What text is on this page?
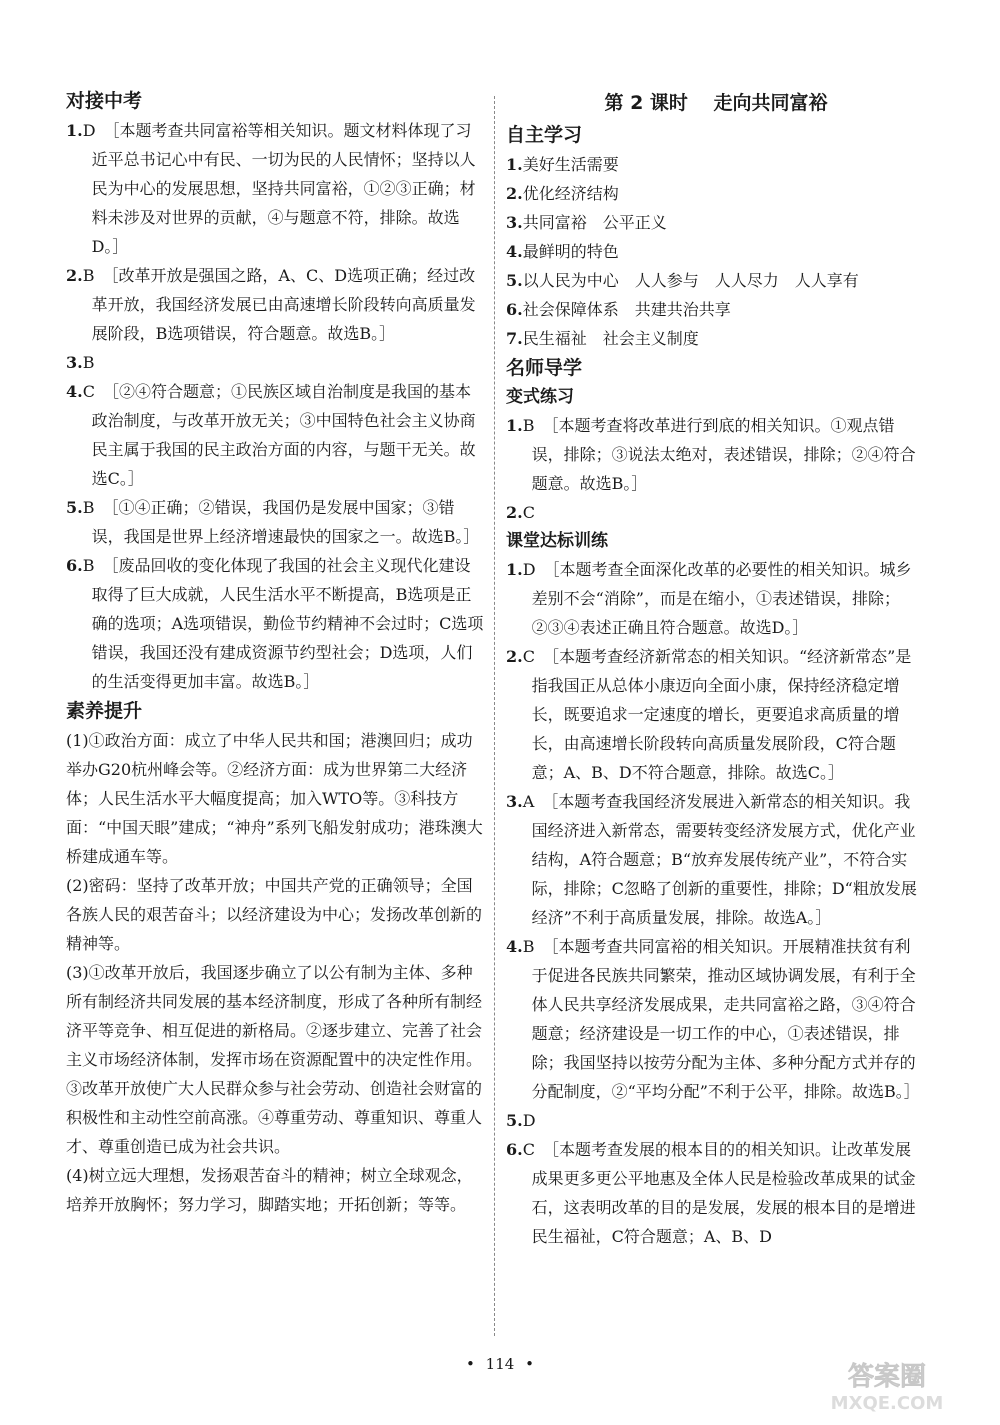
对接中考
1.D　［本题考查共同富裕等相关知识。题文材料体现了习近平总书记心中有民、一切为民的人民情怀；坚持以人民为中心的发展思想，坚持共同富裕，①②③正确；材料未涉及对世界的贡献，④与题意不符，排除。故选D。］
2.B　［改革开放是强国之路，A、C、D选项正确；经过改革开放，我国经济发展已由高速增长阶段转向高质量发展阶段，B选项错误，符合题意。故选B。］
3.B
4.C　［②④符合题意；①民族区域自治制度是我国的基本政治制度，与改革开放无关；③中国特色社会主义协商民主属于我国的民主政治方面的内容，与题干无关。故选C。］
5.B　［①④正确；②错误，我国仍是发展中国家；③错误，我国是世界上经济增速最快的国家之一。故选B。］
6.B　［废品回收的变化体现了我国的社会主义现代化建设取得了巨大成就，人民生活水平不断提高，B选项是正确的选项；A选项错误，勤俭节约精神不会过时；C选项错误，我国还没有建成资源节约型社会；D选项，人们的生活变得更加丰富。故选B。］
素养提升
(1)①政治方面：成立了中华人民共和国；港澳回归；成功举办G20杭州峰会等。②经济方面：成为世界第二大经济体；人民生活水平大幅度提高；加入WTO等。③科技方面：“中国天眼”建成；“神舟”系列飞船发射成功；港珠澳大桥建成通车等。
(2)密码：坚持了改革开放；中国共产党的正确领导；全国各族人民的艰苦奋斗；以经济建设为中心；发扬改革创新的精神等。
(3)①改革开放后，我国逐步确立了以公有制为主体、多种所有制经济共同发展的基本经济制度，形成了各种所有制经济平等竞争、相互促进的新格局。②逐步建立、完善了社会主义市场经济体制，发挥市场在资源配置中的决定性作用。③改革开放使广大人民群众参与社会劳动、创造社会财富的积极性和主动性空前高涨。④尊重劳动、尊重知识、尊重人才、尊重创造已成为社会共识。
(4)树立远大理想，发扬艰苦奋斗的精神；树立全球观念，培养开放胸怀；努力学习，脚踏实地；开拓创新；等等。
第 2 课时　 走向共同富裕
自主学习
1.美好生活需要
2.优化经济结构
3.共同富裕　公平正义
4.最鲜明的特色
5.以人民为中心　人人参与　人人尽力　人人享有
6.社会保障体系　共建共治共享
7.民生福祉　社会主义制度
名师导学
变式练习
1.B　［本题考查将改革进行到底的相关知识。①观点错误，排除；③说法太绝对，表述错误，排除；②④符合题意。故选B。］
2.C
课堂达标训练
1.D　［本题考查全面深化改革的必要性的相关知识。城乡差别不会“消除”，而是在缩小，①表述错误，排除；②③④表述正确且符合题意。故选D。］
2.C　［本题考查经济新常态的相关知识。“经济新常态”是指我国正从总体小康迈向全面小康，保持经济稳定增长，既要追求一定速度的增长，更要追求高质量的增长，由高速增长阶段转向高质量发展阶段，C符合题意；A、B、D不符合题意，排除。故选C。］
3.A　［本题考查我国经济发展进入新常态的相关知识。我国经济进入新常态，需要转变经济发展方式，优化产业结构，A符合题意；B“放弃发展传统产业”，不符合实际，排除；C忽略了创新的重要性，排除；D“粗放发展经济”不利于高质量发展，排除。故选A。］
4.B　［本题考查共同富裕的相关知识。开展精准扶贫有利于促进各民族共同繁荣，推动区域协调发展，有利于全体人民共享经济发展成果，走共同富裕之路，③④符合题意；经济建设是一切工作的中心，①表述错误，排除；我国坚持以按劳分配为主体、多种分配方式并存的分配制度，②“平均分配”不利于公平，排除。故选B。］
5.D
6.C　［本题考查发展的根本目的的相关知识。让改革发展成果更多更公平地惠及全体人民是检验改革成果的试金石，这表明改革的目的是发展，发展的根本目的是增进民生福祉，C符合题意；A、B、D
• 114 •	答案圈
MXQE.COM
